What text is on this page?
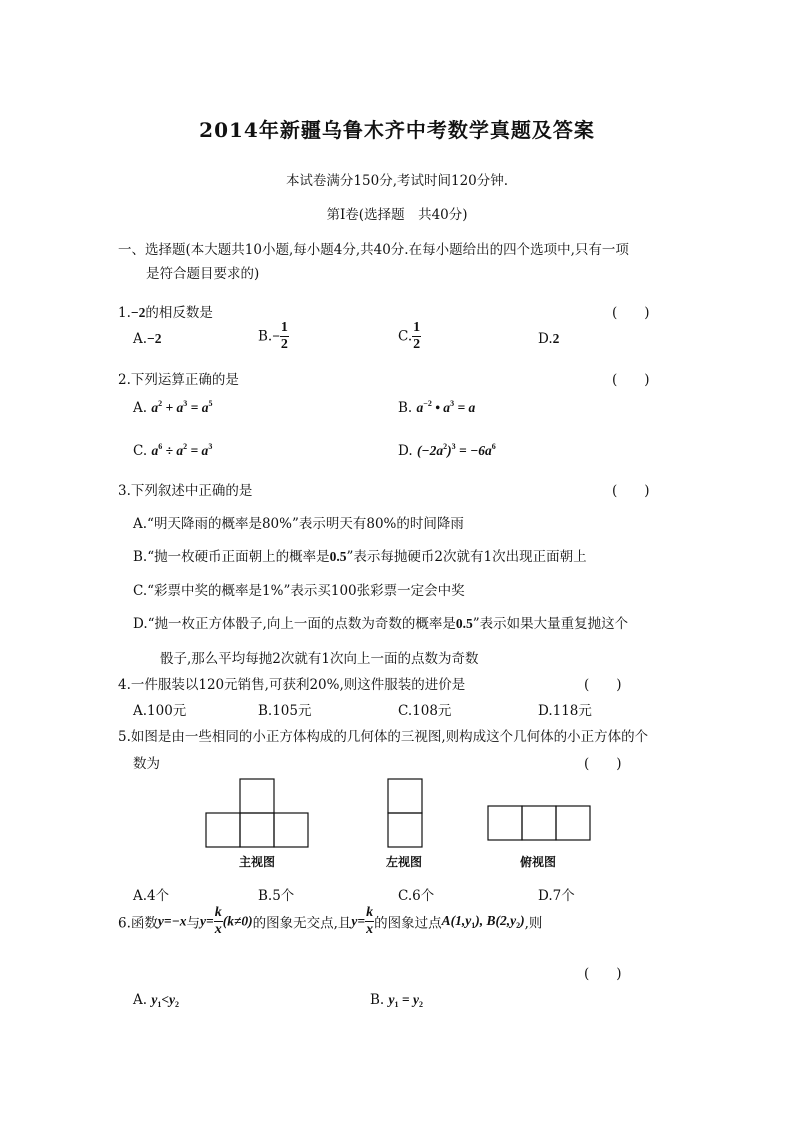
2014年新疆乌鲁木齐中考数学真题及答案
本试卷满分150分,考试时间120分钟.
第Ⅰ卷(选择题　共40分)
一、选择题(本大题共10小题,每小题4分,共40分.在每小题给出的四个选项中,只有一项
是符合题目要求的)
1.−2的相反数是	(　　)
A.−2	$B.- \frac{1}{2}$	C. $\frac{1}{2}$	D.2
2.下列运算正确的是	(　　)
A. $a^2 + a^3 = a^5$	B. $a^{-2}$ • $a^3 = a$
C. $a^6 \div a^2 = a^3$	D. $(-2a^2)^3 = -6a^6$
3.下列叙述中正确的是	(　　)
A.“明天降雨的概率是80%”表示明天有80%的时间降雨
B.“抛一枚硬币正面朝上的概率是0.5”表示每抛硬币2次就有1次出现正面朝上
C.“彩票中奖的概率是1%”表示买100张彩票一定会中奖
D.“抛一枚正方体骰子,向上一面的点数为奇数的概率是0.5”表示如果大量重复抛这个
骰子,那么平均每抛2次就有1次向上一面的点数为奇数
4.一件服装以120元销售,可获利20%,则这件服装的进价是	(　　)
A.100元	B.105元	C.108元	D.118元
5.如图是由一些相同的小正方体构成的几何体的三视图,则构成这个几何体的小正方体的个
数为	(　　)
主视图	左视图	俯视图
A.4个	B.5个	C.6个	D.7个
6.函数y=−x与$y= \frac{k}{x} (k\ne 0)$的图象无交点,且$y= \frac{k}{x}$ 的图象过点$A(1,y_1)$, $B(2,y_2)$,则
(　　)
A. $y_1<y_2$	B. $y_1 = y_2$
